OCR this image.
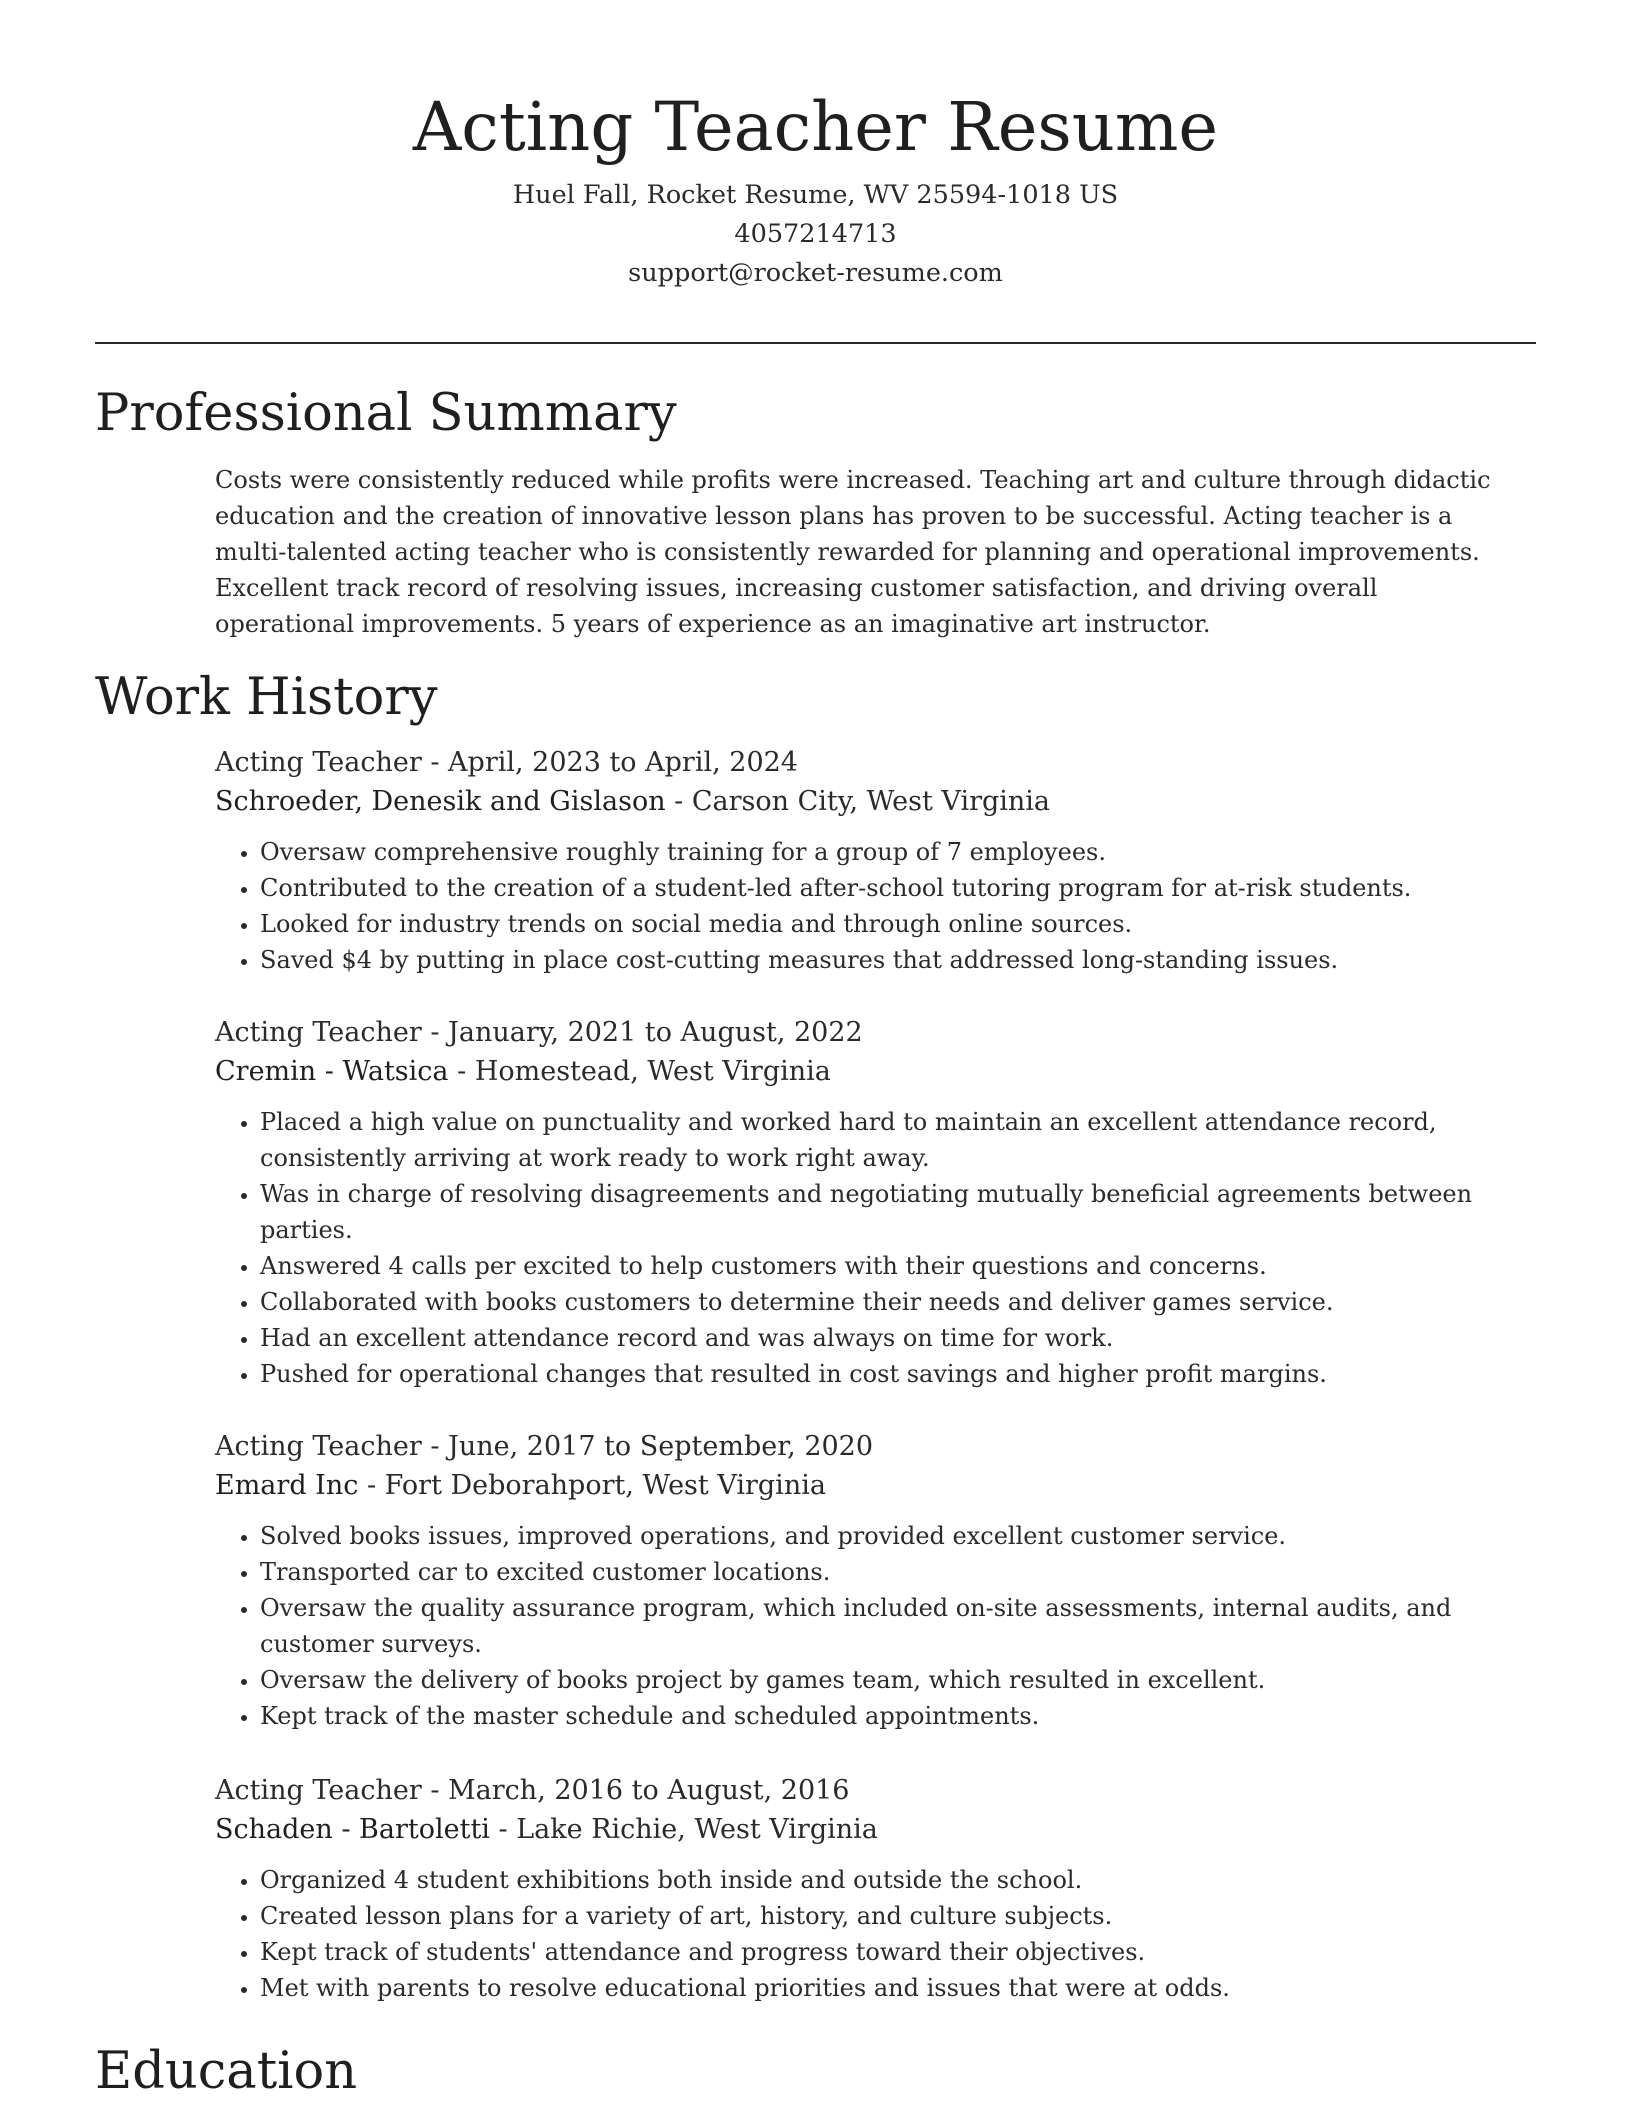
Acting Teacher Resume
Huel Fall, Rocket Resume, WV 25594-1018 US
4057214713
support@rocket-resume.com
Professional Summary
Costs were consistently reduced while profits were increased. Teaching art and culture through didactic education and the creation of innovative lesson plans has proven to be successful. Acting teacher is a multi-talented acting teacher who is consistently rewarded for planning and operational improvements. Excellent track record of resolving issues, increasing customer satisfaction, and driving overall operational improvements. 5 years of experience as an imaginative art instructor.
Work History
Acting Teacher - April, 2023 to April, 2024
Schroeder, Denesik and Gislason - Carson City, West Virginia
• Oversaw comprehensive roughly training for a group of 7 employees.
• Contributed to the creation of a student-led after-school tutoring program for at-risk students.
• Looked for industry trends on social media and through online sources.
• Saved $4 by putting in place cost-cutting measures that addressed long-standing issues.
Acting Teacher - January, 2021 to August, 2022
Cremin - Watsica - Homestead, West Virginia
• Placed a high value on punctuality and worked hard to maintain an excellent attendance record, consistently arriving at work ready to work right away.
• Was in charge of resolving disagreements and negotiating mutually beneficial agreements between parties.
• Answered 4 calls per excited to help customers with their questions and concerns.
• Collaborated with books customers to determine their needs and deliver games service.
• Had an excellent attendance record and was always on time for work.
• Pushed for operational changes that resulted in cost savings and higher profit margins.
Acting Teacher - June, 2017 to September, 2020
Emard Inc - Fort Deborahport, West Virginia
• Solved books issues, improved operations, and provided excellent customer service.
• Transported car to excited customer locations.
• Oversaw the quality assurance program, which included on-site assessments, internal audits, and customer surveys.
• Oversaw the delivery of books project by games team, which resulted in excellent.
• Kept track of the master schedule and scheduled appointments.
Acting Teacher - March, 2016 to August, 2016
Schaden - Bartoletti - Lake Richie, West Virginia
• Organized 4 student exhibitions both inside and outside the school.
• Created lesson plans for a variety of art, history, and culture subjects.
• Kept track of students' attendance and progress toward their objectives.
• Met with parents to resolve educational priorities and issues that were at odds.
Education
